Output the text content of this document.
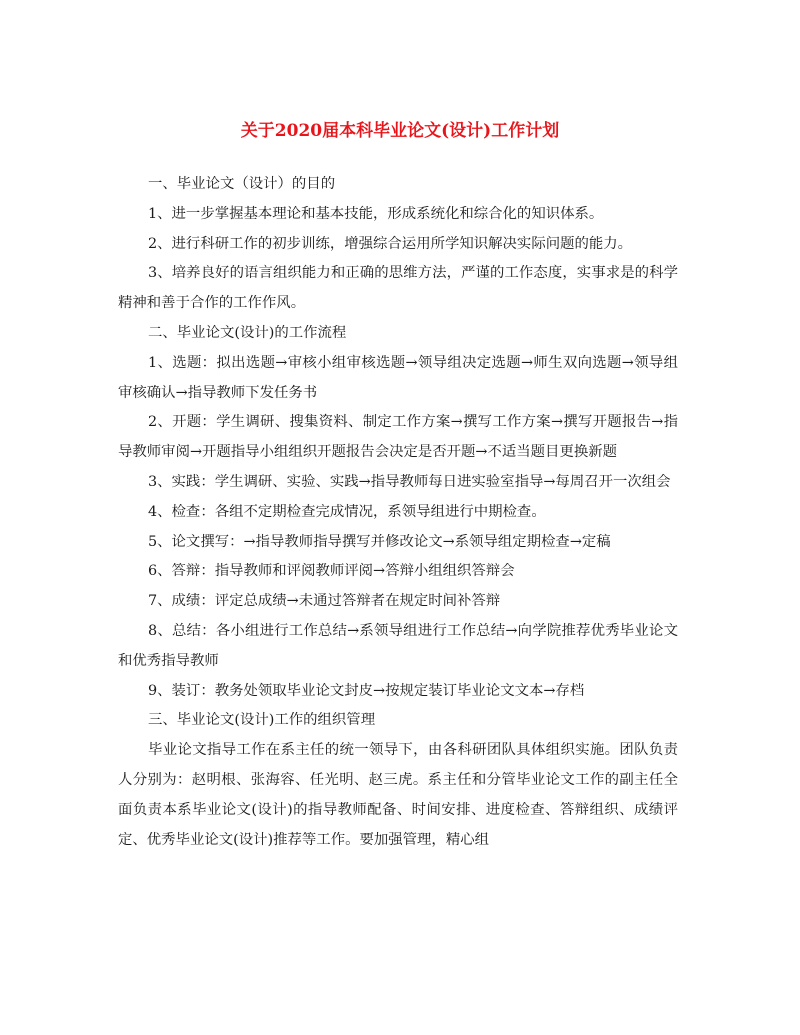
关于2020届本科毕业论文(设计)工作计划

一、毕业论文（设计）的目的

1、进一步掌握基本理论和基本技能，形成系统化和综合化的知识体系。

2、进行科研工作的初步训练，增强综合运用所学知识解决实际问题的能力。

3、培养良好的语言组织能力和正确的思维方法，严谨的工作态度，实事求是的科学精神和善于合作的工作作风。

二、毕业论文(设计)的工作流程

1、选题：拟出选题→审核小组审核选题→领导组决定选题→师生双向选题→领导组审核确认→指导教师下发任务书

2、开题：学生调研、搜集资料、制定工作方案→撰写工作方案→撰写开题报告→指导教师审阅→开题指导小组组织开题报告会决定是否开题→不适当题目更换新题

3、实践：学生调研、实验、实践→指导教师每日进实验室指导→每周召开一次组会

4、检查：各组不定期检查完成情况，系领导组进行中期检查。

5、论文撰写：→指导教师指导撰写并修改论文→系领导组定期检查→定稿

6、答辩：指导教师和评阅教师评阅→答辩小组组织答辩会

7、成绩：评定总成绩→未通过答辩者在规定时间补答辩

8、总结：各小组进行工作总结→系领导组进行工作总结→向学院推荐优秀毕业论文和优秀指导教师

9、装订：教务处领取毕业论文封皮→按规定装订毕业论文文本→存档

三、毕业论文(设计)工作的组织管理

毕业论文指导工作在系主任的统一领导下，由各科研团队具体组织实施。团队负责人分别为：赵明根、张海容、任光明、赵三虎。系主任和分管毕业论文工作的副主任全面负责本系毕业论文(设计)的指导教师配备、时间安排、进度检查、答辩组织、成绩评定、优秀毕业论文(设计)推荐等工作。要加强管理，精心组
